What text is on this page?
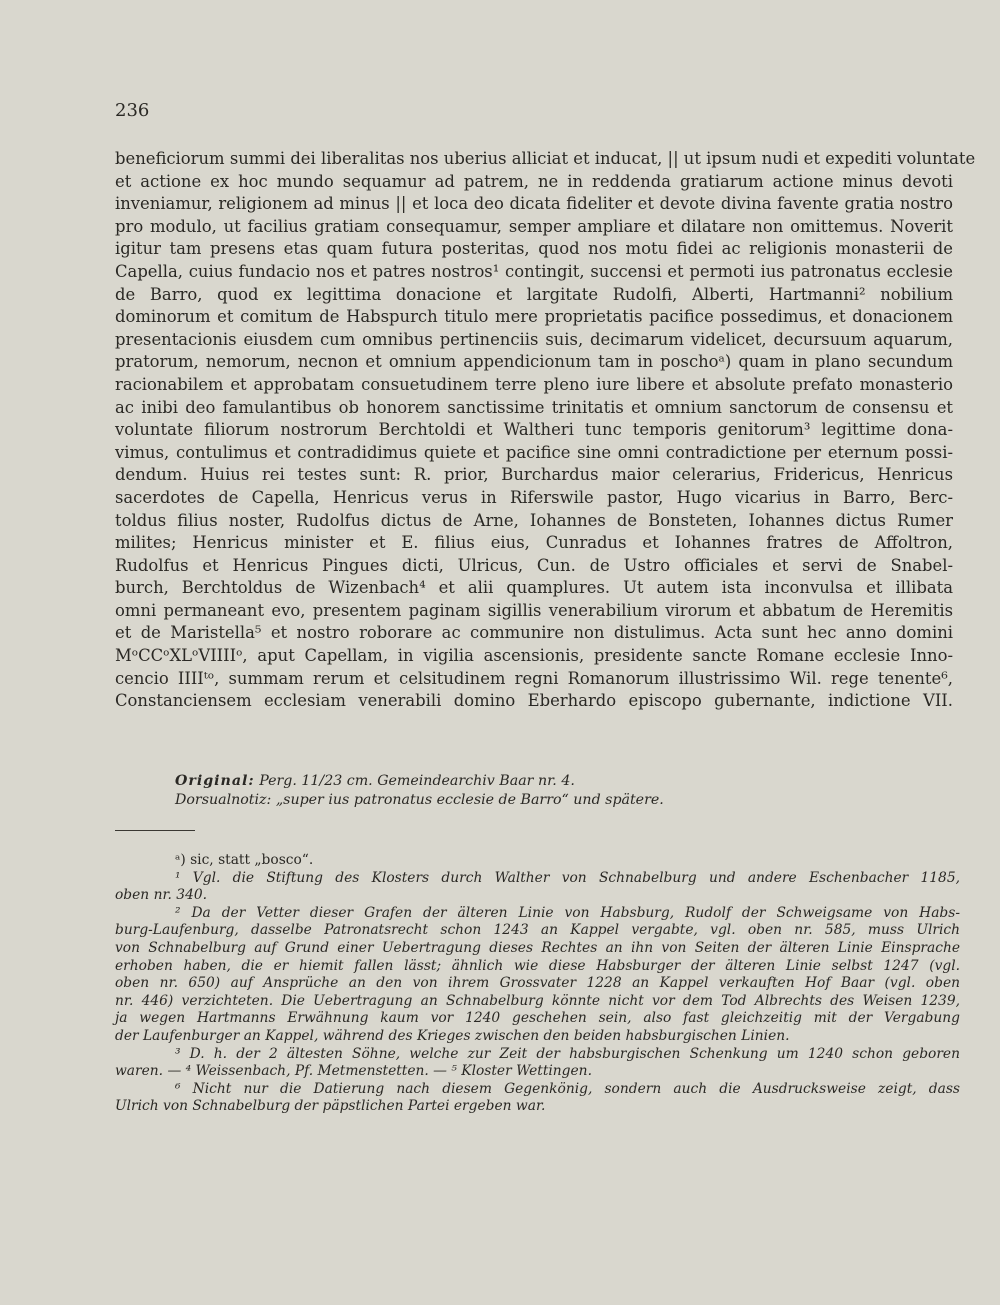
236
beneficiorum summi dei liberalitas nos uberius alliciat et inducat, || ut ipsum nudi et expediti voluntate
et actione ex hoc mundo sequamur ad patrem, ne in reddenda gratiarum actione minus devoti
inveniamur, religionem ad minus || et loca deo dicata fideliter et devote divina favente gratia nostro
pro modulo, ut facilius gratiam consequamur, semper ampliare et dilatare non omittemus. Noverit
igitur tam presens etas quam futura posteritas, quod nos motu fidei ac religionis monasterii de
Capella, cuius fundacio nos et patres nostros¹ contingit, succensi et permoti ius patronatus ecclesie
de Barro, quod ex legittima donacione et largitate Rudolfi, Alberti, Hartmanni² nobilium
dominorum et comitum de Habspurch titulo mere proprietatis pacifice possedimus, et donacionem
presentacionis eiusdem cum omnibus pertinenciis suis, decimarum videlicet, decursuum aquarum,
pratorum, nemorum, necnon et omnium appendicionum tam in poschoᵃ) quam in plano secundum
racionabilem et approbatam consuetudinem terre pleno iure libere et absolute prefato monasterio
ac inibi deo famulantibus ob honorem sanctissime trinitatis et omnium sanctorum de consensu et
voluntate filiorum nostrorum Berchtoldi et Waltheri tunc temporis genitorum³ legittime dona-
vimus, contulimus et contradidimus quiete et pacifice sine omni contradictione per eternum possi-
dendum. Huius rei testes sunt: R. prior, Burchardus maior celerarius, Fridericus, Henricus
sacerdotes de Capella, Henricus verus in Riferswile pastor, Hugo vicarius in Barro, Berc-
toldus filius noster, Rudolfus dictus de Arne, Iohannes de Bonsteten, Iohannes dictus Rumer
milites; Henricus minister et E. filius eius, Cunradus et Iohannes fratres de Affoltron,
Rudolfus et Henricus Pingues dicti, Ulricus, Cun. de Ustro officiales et servi de Snabel-
burch, Berchtoldus de Wizenbach⁴ et alii quamplures. Ut autem ista inconvulsa et illibata
omni permaneant evo, presentem paginam sigillis venerabilium virorum et abbatum de Heremitis
et de Maristella⁵ et nostro roborare ac communire non distulimus. Acta sunt hec anno domini
MᵒCCᵒXLᵒVIIIIᵒ, aput Capellam, in vigilia ascensionis, presidente sancte Romane ecclesie Inno-
cencio IIIIᵗᵒ, summam rerum et celsitudinem regni Romanorum illustrissimo Wil. rege tenente⁶,
Constanciensem ecclesiam venerabili domino Eberhardo episcopo gubernante, indictione VII.
Original: Perg. 11/23 cm. Gemeindearchiv Baar nr. 4.
Dorsualnotiz: „super ius patronatus ecclesie de Barro“ und spätere.
ᵃ) sic, statt „bosco“.
¹ Vgl. die Stiftung des Klosters durch Walther von Schnabelburg und andere Eschenbacher 1185,
oben nr. 340.
² Da der Vetter dieser Grafen der älteren Linie von Habsburg, Rudolf der Schweigsame von Habs-
burg-Laufenburg, dasselbe Patronatsrecht schon 1243 an Kappel vergabte, vgl. oben nr. 585, muss Ulrich
von Schnabelburg auf Grund einer Uebertragung dieses Rechtes an ihn von Seiten der älteren Linie Einsprache
erhoben haben, die er hiemit fallen lässt; ähnlich wie diese Habsburger der älteren Linie selbst 1247 (vgl.
oben nr. 650) auf Ansprüche an den von ihrem Grossvater 1228 an Kappel verkauften Hof Baar (vgl. oben
nr. 446) verzichteten. Die Uebertragung an Schnabelburg könnte nicht vor dem Tod Albrechts des Weisen 1239,
ja wegen Hartmanns Erwähnung kaum vor 1240 geschehen sein, also fast gleichzeitig mit der Vergabung
der Laufenburger an Kappel, während des Krieges zwischen den beiden habsburgischen Linien.
³ D. h. der 2 ältesten Söhne, welche zur Zeit der habsburgischen Schenkung um 1240 schon geboren
waren. — ⁴ Weissenbach, Pf. Metmenstetten. — ⁵ Kloster Wettingen.
⁶ Nicht nur die Datierung nach diesem Gegenkönig, sondern auch die Ausdrucksweise zeigt, dass
Ulrich von Schnabelburg der päpstlichen Partei ergeben war.
